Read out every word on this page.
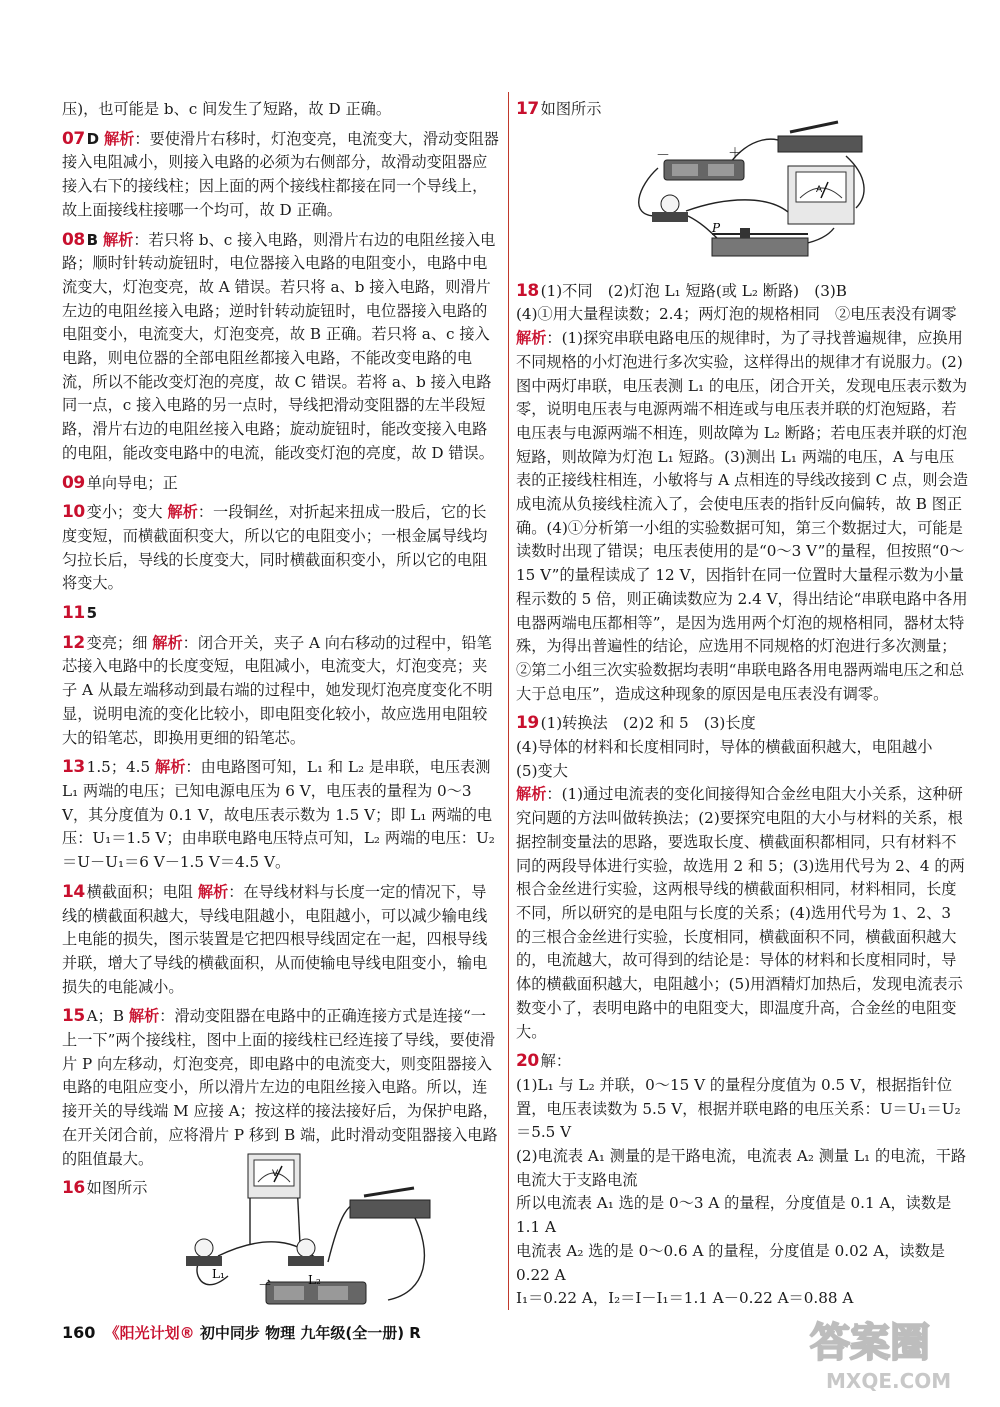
压)，也可能是 b、c 间发生了短路，故 D 正确。
07 D 解析：要使滑片右移时，灯泡变亮，电流变大，滑动变阻器接入电阻减小，则接入电路的必须为右侧部分，故滑动变阻器应接入右下的接线柱；因上面的两个接线柱都接在同一个导线上，故上面接线柱接哪一个均可，故 D 正确。
08 B 解析：若只将 b、c 接入电路，则滑片右边的电阻丝接入电路；顺时针转动旋钮时，电位器接入电路的电阻变小，电路中电流变大，灯泡变亮，故 A 错误。若只将 a、b 接入电路，则滑片左边的电阻丝接入电路；逆时针转动旋钮时，电位器接入电路的电阻变小，电流变大，灯泡变亮，故 B 正确。若只将 a、c 接入电路，则电位器的全部电阻丝都接入电路，不能改变电路的电流，所以不能改变灯泡的亮度，故 C 错误。若将 a、b 接入电路同一点，c 接入电路的另一点时，导线把滑动变阻器的左半段短路，滑片右边的电阻丝接入电路；旋动旋钮时，能改变接入电路的电阻，能改变电路中的电流，能改变灯泡的亮度，故 D 错误。
09 单向导电；正
10 变小；变大 解析：一段铜丝，对折起来扭成一股后，它的长度变短，而横截面积变大，所以它的电阻变小；一根金属导线均匀拉长后，导线的长度变大，同时横截面积变小，所以它的电阻将变大。
11 5
12 变亮；细 解析：闭合开关，夹子 A 向右移动的过程中，铅笔芯接入电路中的长度变短，电阻减小，电流变大，灯泡变亮；夹子 A 从最左端移动到最右端的过程中，她发现灯泡亮度变化不明显，说明电流的变化比较小，即电阻变化较小，故应选用电阻较大的铅笔芯，即换用更细的铅笔芯。
13 1.5；4.5 解析：由电路图可知，L₁ 和 L₂ 是串联，电压表测 L₁ 两端的电压；已知电源电压为 6 V，电压表的量程为 0～3 V，其分度值为 0.1 V，故电压表示数为 1.5 V；即 L₁ 两端的电压：U₁＝1.5 V；由串联电路电压特点可知，L₂ 两端的电压：U₂＝U－U₁＝6 V－1.5 V＝4.5 V。
14 横截面积；电阻 解析：在导线材料与长度一定的情况下，导线的横截面积越大，导线电阻越小，电阻越小，可以减少输电线上电能的损失，图示装置是它把四根导线固定在一起，四根导线并联，增大了导线的横截面积，从而使输电导线电阻变小，输电损失的电能减小。
15 A；B 解析：滑动变阻器在电路中的正确连接方式是连接“一上一下”两个接线柱，图中上面的接线柱已经连接了导线，要使滑片 P 向左移动，灯泡变亮，即电路中的电流变大，则变阻器接入电路的电阻应变小，所以滑片左边的电阻丝接入电路。所以，连接开关的导线端 M 应接 A；按这样的接法接好后，为保护电路，在开关闭合前，应将滑片 P 移到 B 端，此时滑动变阻器接入电路的阻值最大。
16 如图所示
17 如图所示
18 (1)不同　(2)灯泡 L₁ 短路(或 L₂ 断路)　(3)B
(4)①用大量程读数；2.4；两灯泡的规格相同　②电压表没有调零
解析：(1)探究串联电路电压的规律时，为了寻找普遍规律，应换用不同规格的小灯泡进行多次实验，这样得出的规律才有说服力。(2)图中两灯串联，电压表测 L₁ 的电压，闭合开关，发现电压表示数为零，说明电压表与电源两端不相连或与电压表并联的灯泡短路，若电压表与电源两端不相连，则故障为 L₂ 断路；若电压表并联的灯泡短路，则故障为灯泡 L₁ 短路。(3)测出 L₁ 两端的电压，A 与电压表的正接线柱相连，小敏将与 A 点相连的导线改接到 C 点，则会造成电流从负接线柱流入了，会使电压表的指针反向偏转，故 B 图正确。(4)①分析第一小组的实验数据可知，第三个数据过大，可能是读数时出现了错误；电压表使用的是“0～3 V”的量程，但按照“0～15 V”的量程读成了 12 V，因指针在同一位置时大量程示数为小量程示数的 5 倍，则正确读数应为 2.4 V，得出结论“串联电路中各用电器两端电压都相等”，是因为选用两个灯泡的规格相同，器材太特殊，为得出普遍性的结论，应选用不同规格的灯泡进行多次测量；②第二小组三次实验数据均表明“串联电路各用电器两端电压之和总大于总电压”，造成这种现象的原因是电压表没有调零。
19 (1)转换法　(2)2 和 5　(3)长度
(4)导体的材料和长度相同时，导体的横截面积越大，电阻越小
(5)变大
解析：(1)通过电流表的变化间接得知合金丝电阻大小关系，这种研究问题的方法叫做转换法；(2)要探究电阻的大小与材料的关系，根据控制变量法的思路，要选取长度、横截面积都相同，只有材料不同的两段导体进行实验，故选用 2 和 5；(3)选用代号为 2、4 的两根合金丝进行实验，这两根导线的横截面积相同，材料相同，长度不同，所以研究的是电阻与长度的关系；(4)选用代号为 1、2、3 的三根合金丝进行实验，长度相同，横截面积不同，横截面积越大的，电流越大，故可得到的结论是：导体的材料和长度相同时，导体的横截面积越大，电阻越小；(5)用酒精灯加热后，发现电流表示数变小了，表明电路中的电阻变大，即温度升高，合金丝的电阻变大。
20 解：
(1)L₁ 与 L₂ 并联，0～15 V 的量程分度值为 0.5 V，根据指针位置，电压表读数为 5.5 V，根据并联电路的电压关系：U＝U₁＝U₂＝5.5 V
(2)电流表 A₁ 测量的是干路电流，电流表 A₂ 测量 L₁ 的电流，干路电流大于支路电流
所以电流表 A₁ 选的是 0～3 A 的量程，分度值是 0.1 A，读数是 1.1 A
电流表 A₂ 选的是 0～0.6 A 的量程，分度值是 0.02 A，读数是 0.22 A
I₁＝0.22 A，I₂＝I－I₁＝1.1 A－0.22 A＝0.88 A
V
L₁	L₂
－
－	＋
A
P
160 《阳光计划® 初中同步 物理 九年级(全一册) R	答案圈
MXQE.COM
